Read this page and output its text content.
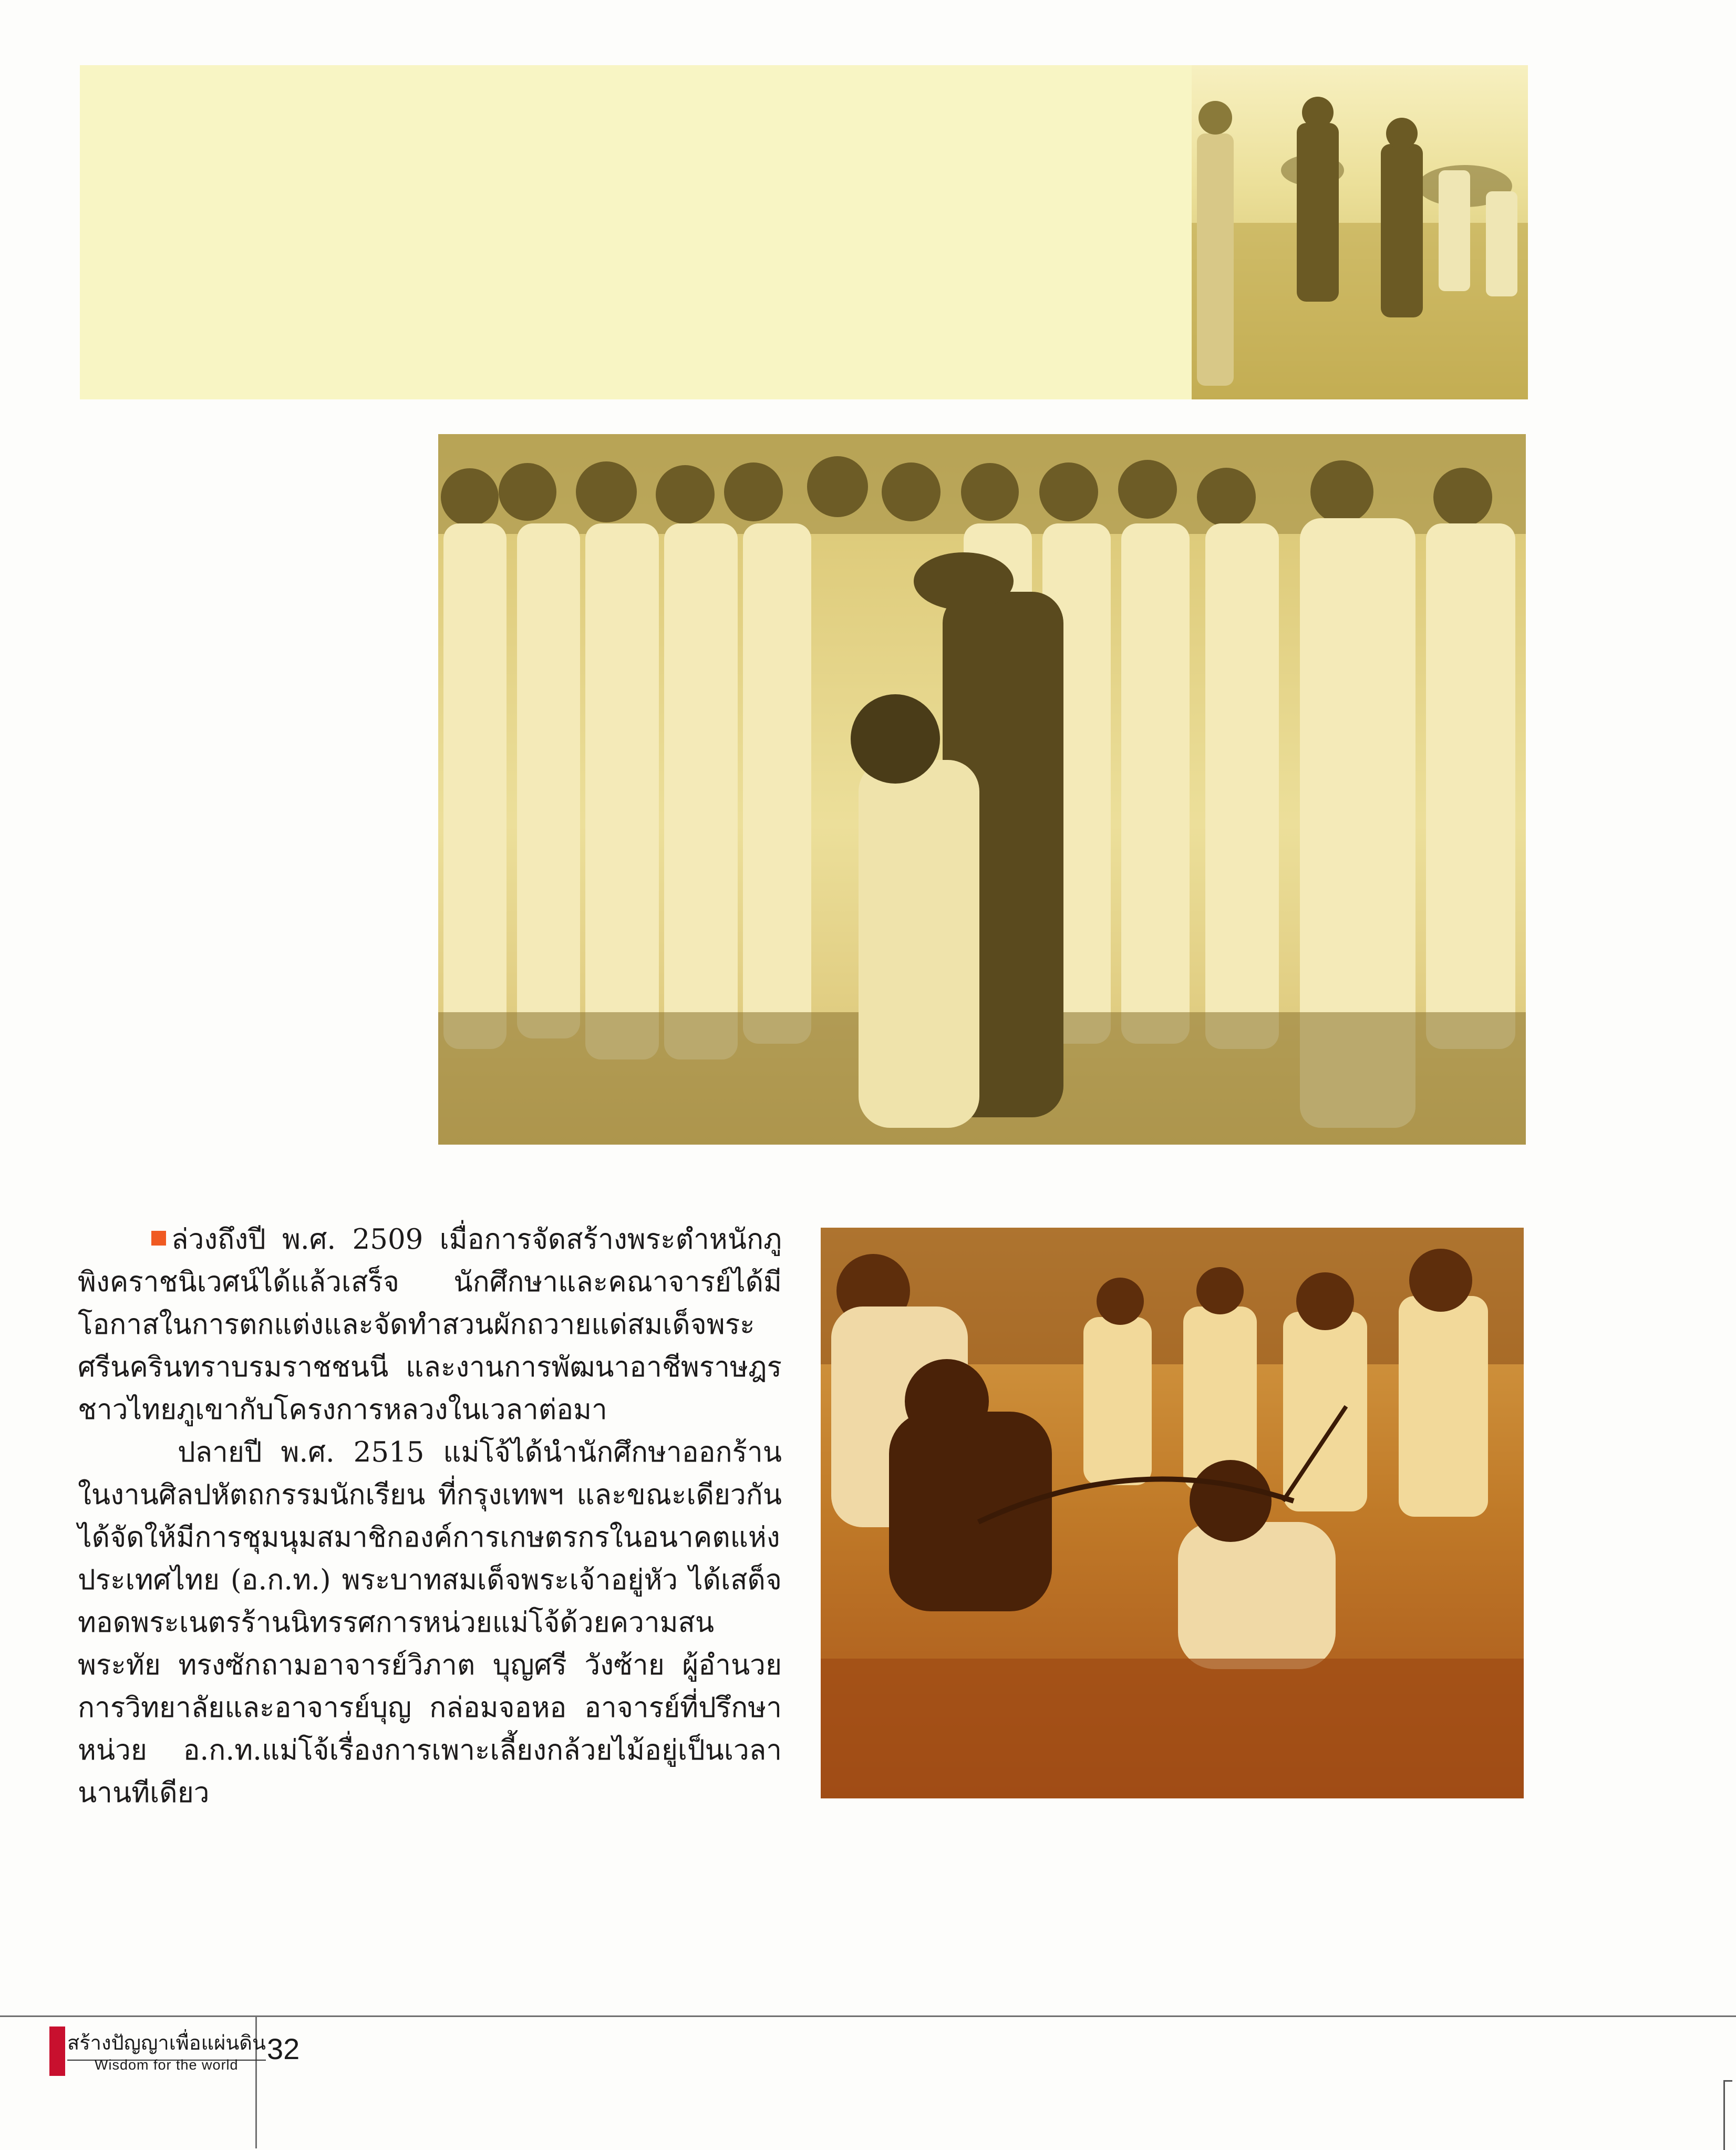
ล่วงถึงปี พ.ศ. 2509 เมื่อการจัดสร้างพระตำหนักภูพิงคราชนิเวศน์ได้แล้วเสร็จ นักศึกษาและคณาจารย์ได้มีโอกาสในการตกแต่งและจัดทำสวนผักถวายแด่สมเด็จพระศรีนครินทราบรมราชชนนี และงานการพัฒนาอาชีพราษฎรชาวไทยภูเขากับโครงการหลวงในเวลาต่อมา

ปลายปี พ.ศ. 2515 แม่โจ้ได้นำนักศึกษาออกร้านในงานศิลปหัตถกรรมนักเรียน ที่กรุงเทพฯ และขณะเดียวกันได้จัดให้มีการชุมนุมสมาชิกองค์การเกษตรกรในอนาคตแห่งประเทศไทย (อ.ก.ท.) พระบาทสมเด็จพระเจ้าอยู่หัว ได้เสด็จทอดพระเนตรร้านนิทรรศการหน่วยแม่โจ้ด้วยความสนพระทัย ทรงซักถามอาจารย์วิภาต บุญศรี วังซ้าย ผู้อำนวยการวิทยาลัยและอาจารย์บุญ กล่อมจอหอ อาจารย์ที่ปรึกษาหน่วย อ.ก.ท.แม่โจ้เรื่องการเพาะเลี้ยงกล้วยไม้อยู่เป็นเวลานานทีเดียว

สร้างปัญญาเพื่อแผ่นดิน
Wisdom for the world 32
